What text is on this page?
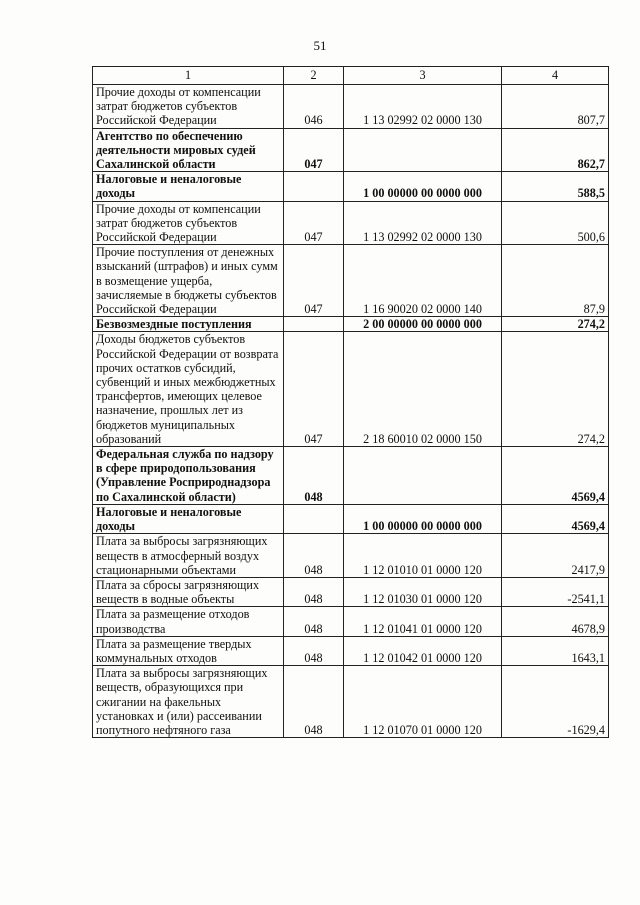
51
1	2	3	4
Прочие доходы от компенсации затрат бюджетов субъектов Российской Федерации	046	1 13 02992 02 0000 130	807,7
Агентство по обеспечению деятельности мировых судей Сахалинской области	047		862,7
Налоговые и неналоговые доходы		1 00 00000 00 0000 000	588,5
Прочие доходы от компенсации затрат бюджетов субъектов Российской Федерации	047	1 13 02992 02 0000 130	500,6
Прочие поступления от денежных взысканий (штрафов) и иных сумм в возмещение ущерба, зачисляемые в бюджеты субъектов Российской Федерации	047	1 16 90020 02 0000 140	87,9
Безвозмездные поступления		2 00 00000 00 0000 000	274,2
Доходы бюджетов субъектов Российской Федерации от возврата прочих остатков субсидий, субвенций и иных межбюджетных трансфертов, имеющих целевое назначение, прошлых лет из бюджетов муниципальных образований	047	2 18 60010 02 0000 150	274,2
Федеральная служба по надзору в сфере природопользования (Управление Росприроднадзора по Сахалинской области)	048		4569,4
Налоговые и неналоговые доходы		1 00 00000 00 0000 000	4569,4
Плата за выбросы загрязняющих веществ в атмосферный воздух стационарными объектами	048	1 12 01010 01 0000 120	2417,9
Плата за сбросы загрязняющих веществ в водные объекты	048	1 12 01030 01 0000 120	-2541,1
Плата за размещение отходов производства	048	1 12 01041 01 0000 120	4678,9
Плата за размещение твердых коммунальных отходов	048	1 12 01042 01 0000 120	1643,1
Плата за выбросы загрязняющих веществ, образующихся при сжигании на факельных установках и (или) рассеивании попутного нефтяного газа	048	1 12 01070 01 0000 120	-1629,4
